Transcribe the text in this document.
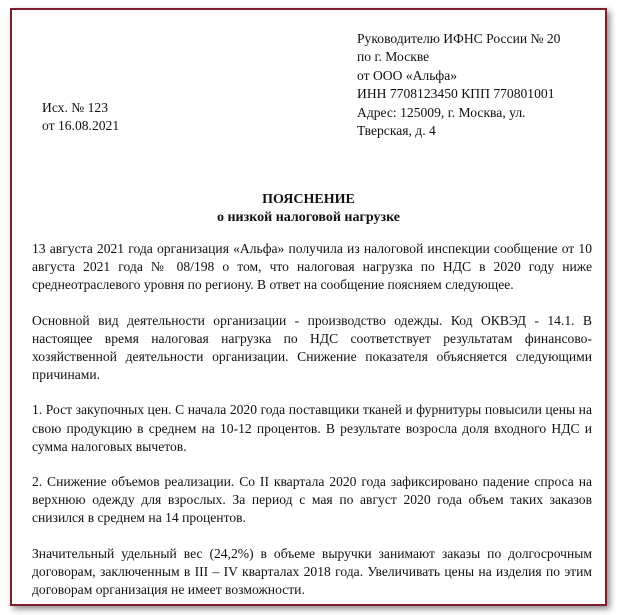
Руководителю ИФНС России № 20
по г. Москве
от ООО «Альфа»
ИНН 7708123450 КПП 770801001
Адрес: 125009, г. Москва, ул.
Тверская, д. 4
Исх. № 123
от 16.08.2021
ПОЯСНЕНИЕ
о низкой налоговой нагрузке

13 августа 2021 года организация «Альфа» получила из налоговой инспекции сообщение от 10 августа 2021 года № 08/198 о том, что налоговая нагрузка по НДС в 2020 году ниже среднеотраслевого уровня по региону. В ответ на сообщение поясняем следующее.

Основной вид деятельности организации - производство одежды. Код ОКВЭД - 14.1. В настоящее время налоговая нагрузка по НДС соответствует результатам финансово-хозяйственной деятельности организации. Снижение показателя объясняется следующими причинами.

1. Рост закупочных цен. С начала 2020 года поставщики тканей и фурнитуры повысили цены на свою продукцию в среднем на 10-12 процентов. В результате возросла доля входного НДС и сумма налоговых вычетов.

2. Снижение объемов реализации. Со II квартала 2020 года зафиксировано падение спроса на верхнюю одежду для взрослых. За период с мая по август 2020 года объем таких заказов снизился в среднем на 14 процентов.

Значительный удельный вес (24,2%) в объеме выручки занимают заказы по долгосрочным договорам, заключенным в III – IV кварталах 2018 года. Увеличивать цены на изделия по этим договорам организация не имеет возможности.
